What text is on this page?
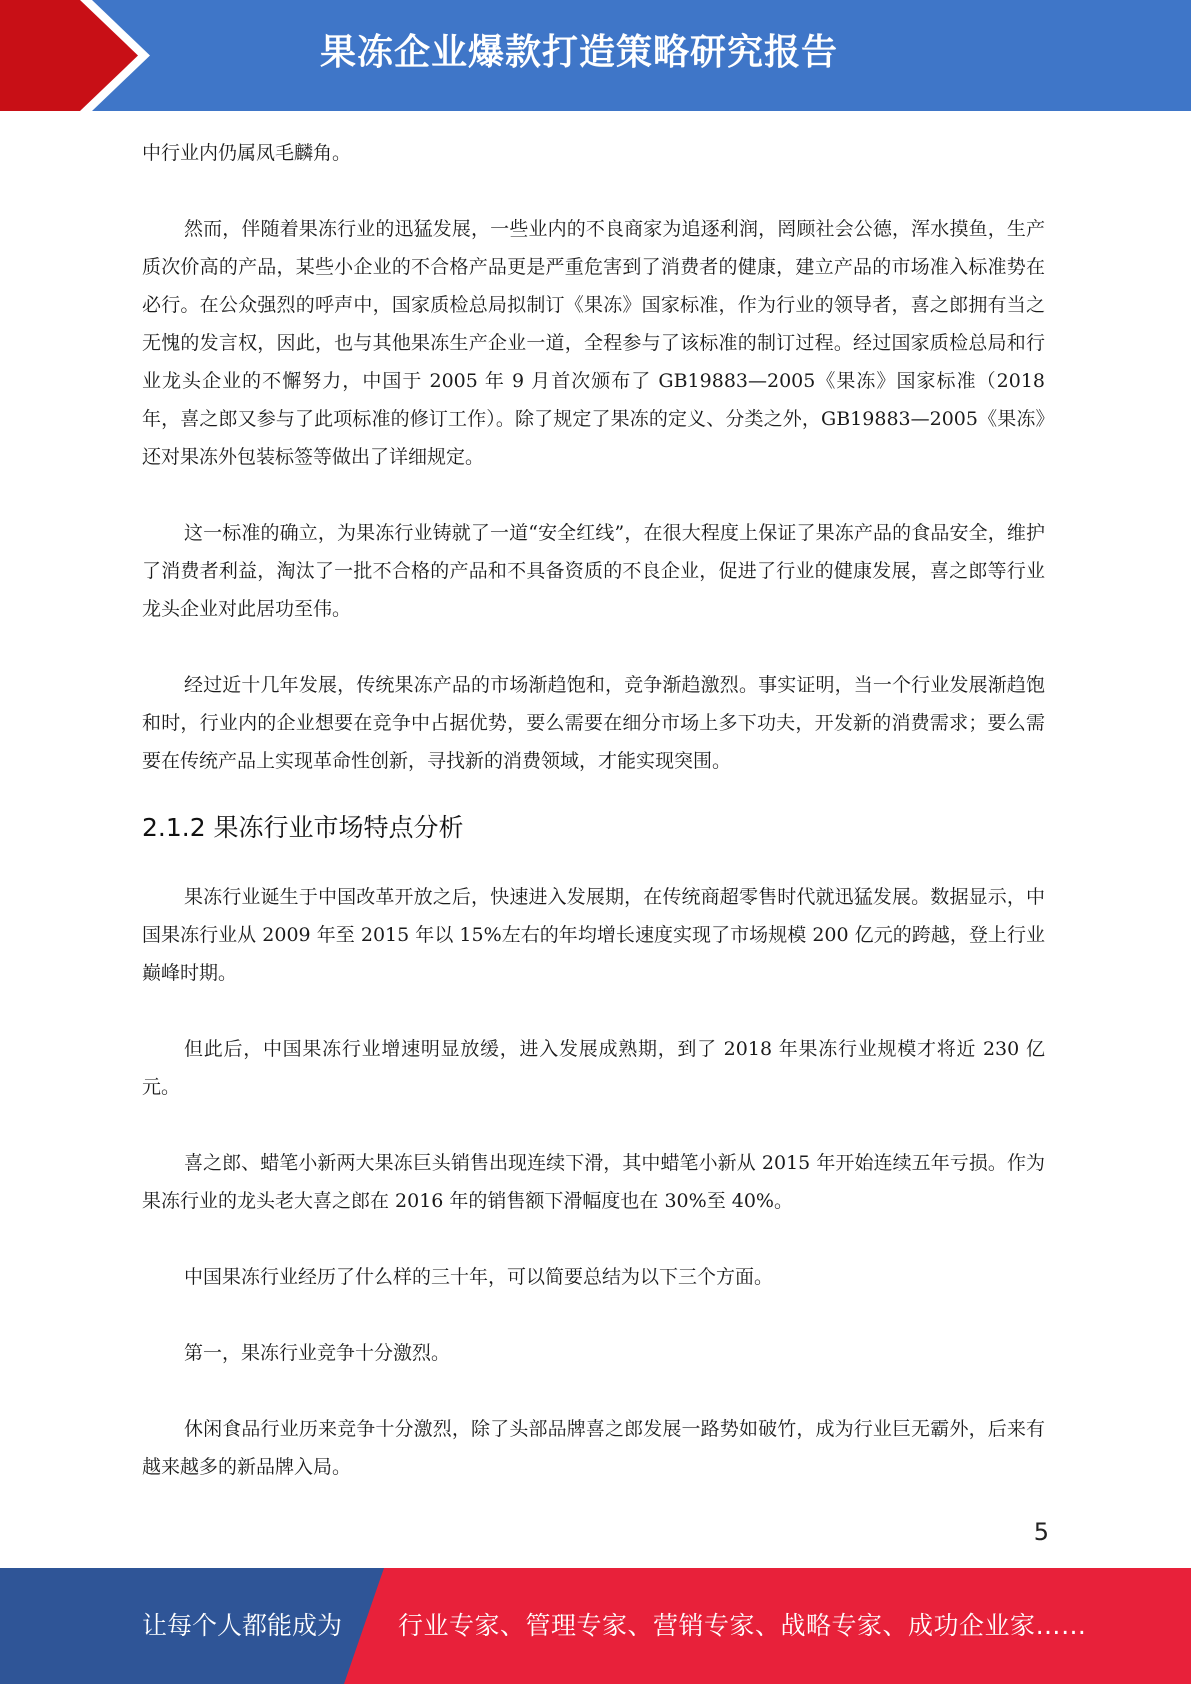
果冻企业爆款打造策略研究报告

中行业内仍属凤毛麟角。

然而，伴随着果冻行业的迅猛发展，一些业内的不良商家为追逐利润，罔顾社会公德，浑水摸鱼，生产质次价高的产品，某些小企业的不合格产品更是严重危害到了消费者的健康，建立产品的市场准入标准势在必行。在公众强烈的呼声中，国家质检总局拟制订《果冻》国家标准，作为行业的领导者，喜之郎拥有当之无愧的发言权，因此，也与其他果冻生产企业一道，全程参与了该标准的制订过程。经过国家质检总局和行业龙头企业的不懈努力，中国于 2005 年 9 月首次颁布了 GB19883—2005《果冻》国家标准（2018 年，喜之郎又参与了此项标准的修订工作）。除了规定了果冻的定义、分类之外，GB19883—2005《果冻》还对果冻外包装标签等做出了详细规定。

这一标准的确立，为果冻行业铸就了一道“安全红线”，在很大程度上保证了果冻产品的食品安全，维护了消费者利益，淘汰了一批不合格的产品和不具备资质的不良企业，促进了行业的健康发展，喜之郎等行业龙头企业对此居功至伟。

经过近十几年发展，传统果冻产品的市场渐趋饱和，竞争渐趋激烈。事实证明，当一个行业发展渐趋饱和时，行业内的企业想要在竞争中占据优势，要么需要在细分市场上多下功夫，开发新的消费需求；要么需要在传统产品上实现革命性创新，寻找新的消费领域，才能实现突围。

2.1.2 果冻行业市场特点分析

果冻行业诞生于中国改革开放之后，快速进入发展期，在传统商超零售时代就迅猛发展。数据显示，中国果冻行业从 2009 年至 2015 年以 15%左右的年均增长速度实现了市场规模 200 亿元的跨越，登上行业巅峰时期。

但此后，中国果冻行业增速明显放缓，进入发展成熟期，到了 2018 年果冻行业规模才将近 230 亿元。

喜之郎、蜡笔小新两大果冻巨头销售出现连续下滑，其中蜡笔小新从 2015 年开始连续五年亏损。作为果冻行业的龙头老大喜之郎在 2016 年的销售额下滑幅度也在 30%至 40%。

中国果冻行业经历了什么样的三十年，可以简要总结为以下三个方面。

第一，果冻行业竞争十分激烈。

休闲食品行业历来竞争十分激烈，除了头部品牌喜之郎发展一路势如破竹，成为行业巨无霸外，后来有越来越多的新品牌入局。

5
让每个人都能成为 行业专家、管理专家、营销专家、战略专家、成功企业家……
